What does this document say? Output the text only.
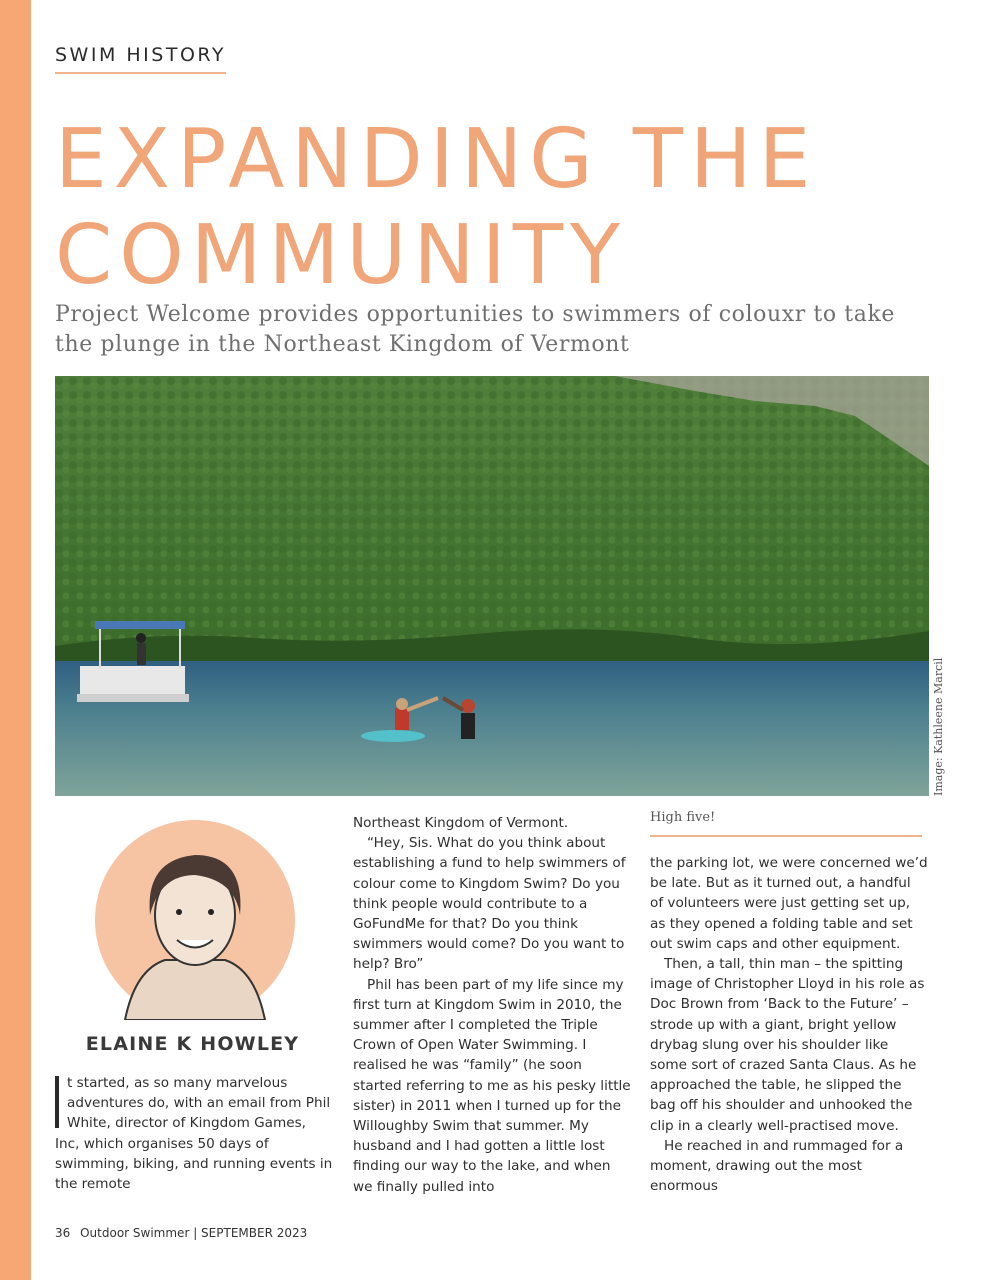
SWIM HISTORY
EXPANDING THE
COMMUNITY

Project Welcome provides opportunities to swimmers of colouxr to take the plunge in the Northeast Kingdom of Vermont

Image: Kathleene Marcil
ELAINE K HOWLEY

t started, as so many marvelous adventures do, with an email from Phil White, director of Kingdom Games, Inc, which organises 50 days of swimming, biking, and running events in the remote

Northeast Kingdom of Vermont.

“Hey, Sis. What do you think about establishing a fund to help swimmers of colour come to Kingdom Swim? Do you think people would contribute to a GoFundMe for that? Do you think swimmers would come? Do you want to help? Bro”

Phil has been part of my life since my first turn at Kingdom Swim in 2010, the summer after I completed the Triple Crown of Open Water Swimming. I realised he was “family” (he soon started referring to me as his pesky little sister) in 2011 when I turned up for the Willoughby Swim that summer. My husband and I had gotten a little lost finding our way to the lake, and when we finally pulled into

High five!

the parking lot, we were concerned we’d be late. But as it turned out, a handful of volunteers were just getting set up, as they opened a folding table and set out swim caps and other equipment.

Then, a tall, thin man – the spitting image of Christopher Lloyd in his role as Doc Brown from ‘Back to the Future’ – strode up with a giant, bright yellow drybag slung over his shoulder like some sort of crazed Santa Claus. As he approached the table, he slipped the bag off his shoulder and unhooked the clip in a clearly well-practised move.

He reached in and rummaged for a moment, drawing out the most enormous

36 Outdoor Swimmer | SEPTEMBER 2023
